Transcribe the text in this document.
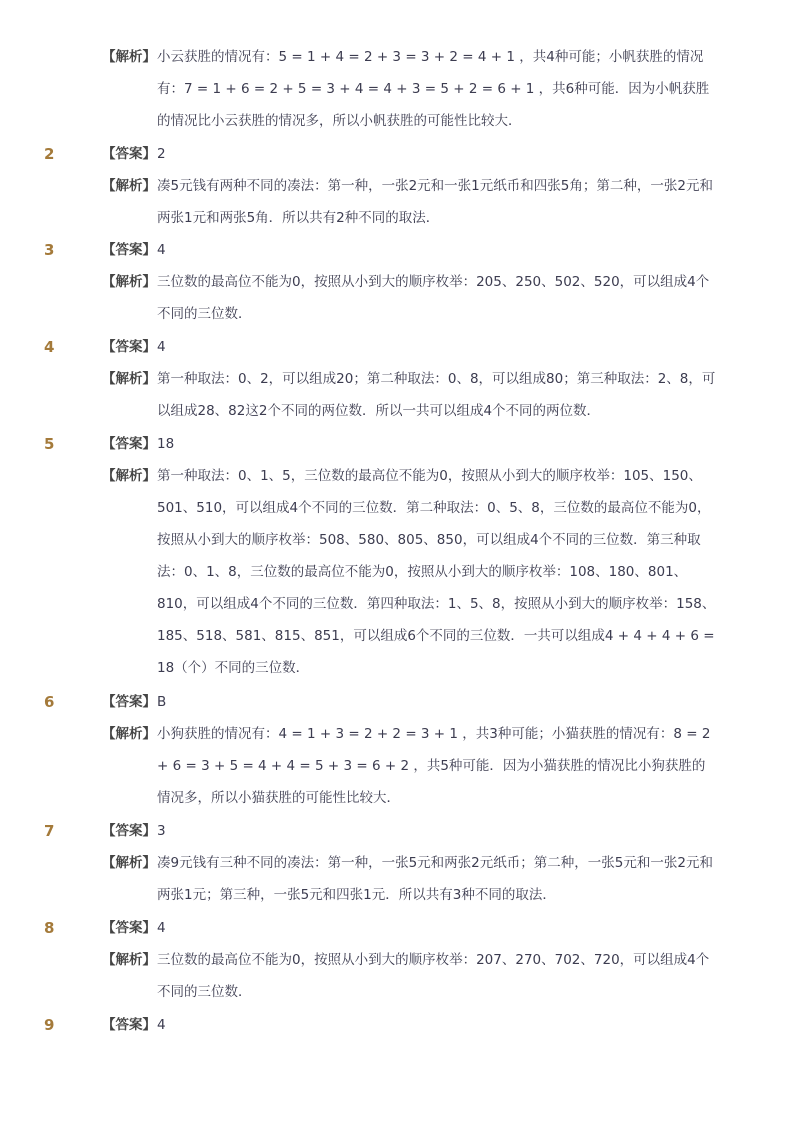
【解析】 小云获胜的情况有：5 = 1 + 4 = 2 + 3 = 3 + 2 = 4 + 1 ，共4种可能；小帆获胜的情况有：7 = 1 + 6 = 2 + 5 = 3 + 4 = 4 + 3 = 5 + 2 = 6 + 1 ，共6种可能．因为小帆获胜的情况比小云获胜的情况多，所以小帆获胜的可能性比较大．
2	【答案】 2
【解析】 凑5元钱有两种不同的凑法：第一种，一张2元和一张1元纸币和四张5角；第二种，一张2元和两张1元和两张5角．所以共有2种不同的取法．
3	【答案】 4
【解析】 三位数的最高位不能为0，按照从小到大的顺序枚举：205、250、502、520，可以组成4个不同的三位数．
4	【答案】 4
【解析】 第一种取法：0、2，可以组成20；第二种取法：0、8，可以组成80；第三种取法：2、8，可以组成28、82这2个不同的两位数．所以一共可以组成4个不同的两位数．
5	【答案】 18
【解析】 第一种取法：0、1、5，三位数的最高位不能为0，按照从小到大的顺序枚举：105、150、501、510，可以组成4个不同的三位数．第二种取法：0、5、8，三位数的最高位不能为0，按照从小到大的顺序枚举：508、580、805、850，可以组成4个不同的三位数．第三种取法：0、1、8，三位数的最高位不能为0，按照从小到大的顺序枚举：108、180、801、810，可以组成4个不同的三位数．第四种取法：1、5、8，按照从小到大的顺序枚举：158、185、518、581、815、851，可以组成6个不同的三位数．一共可以组成4 + 4 + 4 + 6 = 18（个）不同的三位数．
6	【答案】 B
【解析】 小狗获胜的情况有：4 = 1 + 3 = 2 + 2 = 3 + 1 ，共3种可能；小猫获胜的情况有：8 = 2 + 6 = 3 + 5 = 4 + 4 = 5 + 3 = 6 + 2 ，共5种可能．因为小猫获胜的情况比小狗获胜的情况多，所以小猫获胜的可能性比较大．
7	【答案】 3
【解析】 凑9元钱有三种不同的凑法：第一种，一张5元和两张2元纸币；第二种，一张5元和一张2元和两张1元；第三种，一张5元和四张1元．所以共有3种不同的取法．
8	【答案】 4
【解析】 三位数的最高位不能为0，按照从小到大的顺序枚举：207、270、702、720，可以组成4个不同的三位数．
9	【答案】 4
